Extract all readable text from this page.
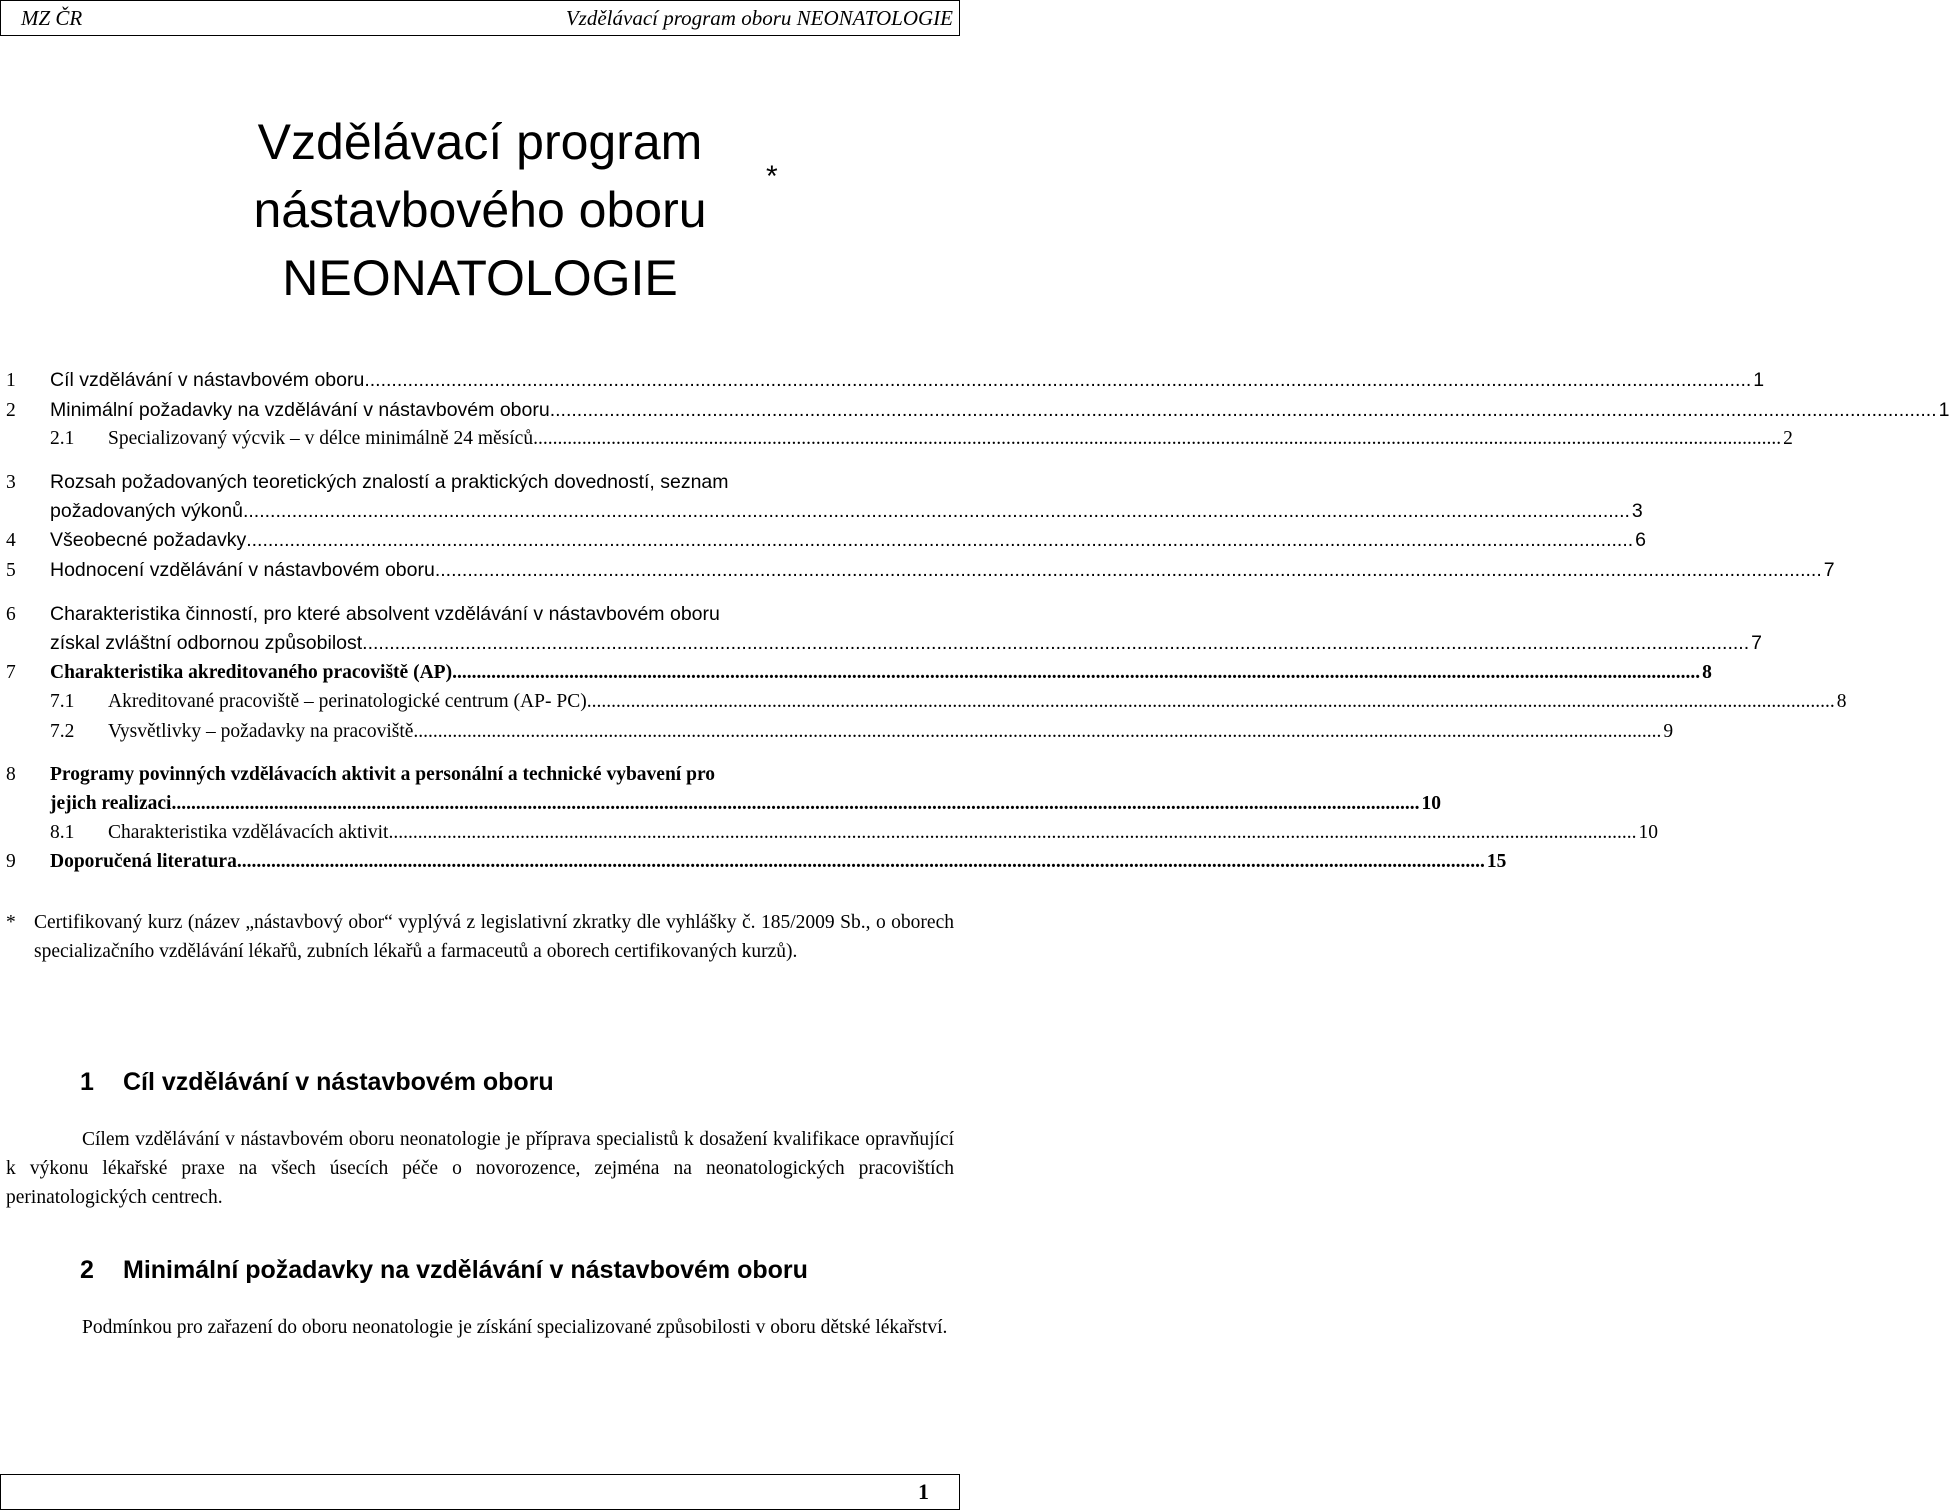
MZ ČR	Vzdělávací program oboru NEONATOLOGIE
Vzdělávací program
nástavbového oboru
NEONATOLOGIE
*
1	Cíl vzdělávání v nástavbovém oboru .....	1
2	Minimální požadavky na vzdělávání v nástavbovém oboru .....	1
2.1	Specializovaný výcvik – v délce minimálně 24 měsíců .....	2
3	Rozsah požadovaných teoretických znalostí a praktických dovedností, seznam
požadovaných výkonů .....	3
4	Všeobecné požadavky .....	6
5	Hodnocení vzdělávání v nástavbovém oboru .....	7
6	Charakteristika činností, pro které absolvent vzdělávání v nástavbovém oboru
získal zvláštní odbornou způsobilost .....	7
7	Charakteristika akreditovaného pracoviště (AP) .....	8
7.1	Akreditované pracoviště – perinatologické centrum (AP- PC) .....	8
7.2	Vysvětlivky – požadavky na pracoviště .....	9
8	Programy povinných vzdělávacích aktivit a personální a technické vybavení pro
jejich realizaci .....	10
8.1	Charakteristika vzdělávacích aktivit .....	10
9	Doporučená literatura .....	15
* Certifikovaný kurz (název „nástavbový obor“ vyplývá z legislativní zkratky dle vyhlášky č. 185/2009 Sb., o oborech specializačního vzdělávání lékařů, zubních lékařů a farmaceutů a oborech certifikovaných kurzů).
1 Cíl vzdělávání v nástavbovém oboru
Cílem vzdělávání v nástavbovém oboru neonatologie je příprava specialistů k dosažení kvalifikace opravňující k výkonu lékařské praxe na všech úsecích péče o novorozence, zejména na neonatologických pracovištích perinatologických centrech.
2 Minimální požadavky na vzdělávání v nástavbovém oboru
Podmínkou pro zařazení do oboru neonatologie je získání specializované způsobilosti v oboru dětské lékařství.
1
